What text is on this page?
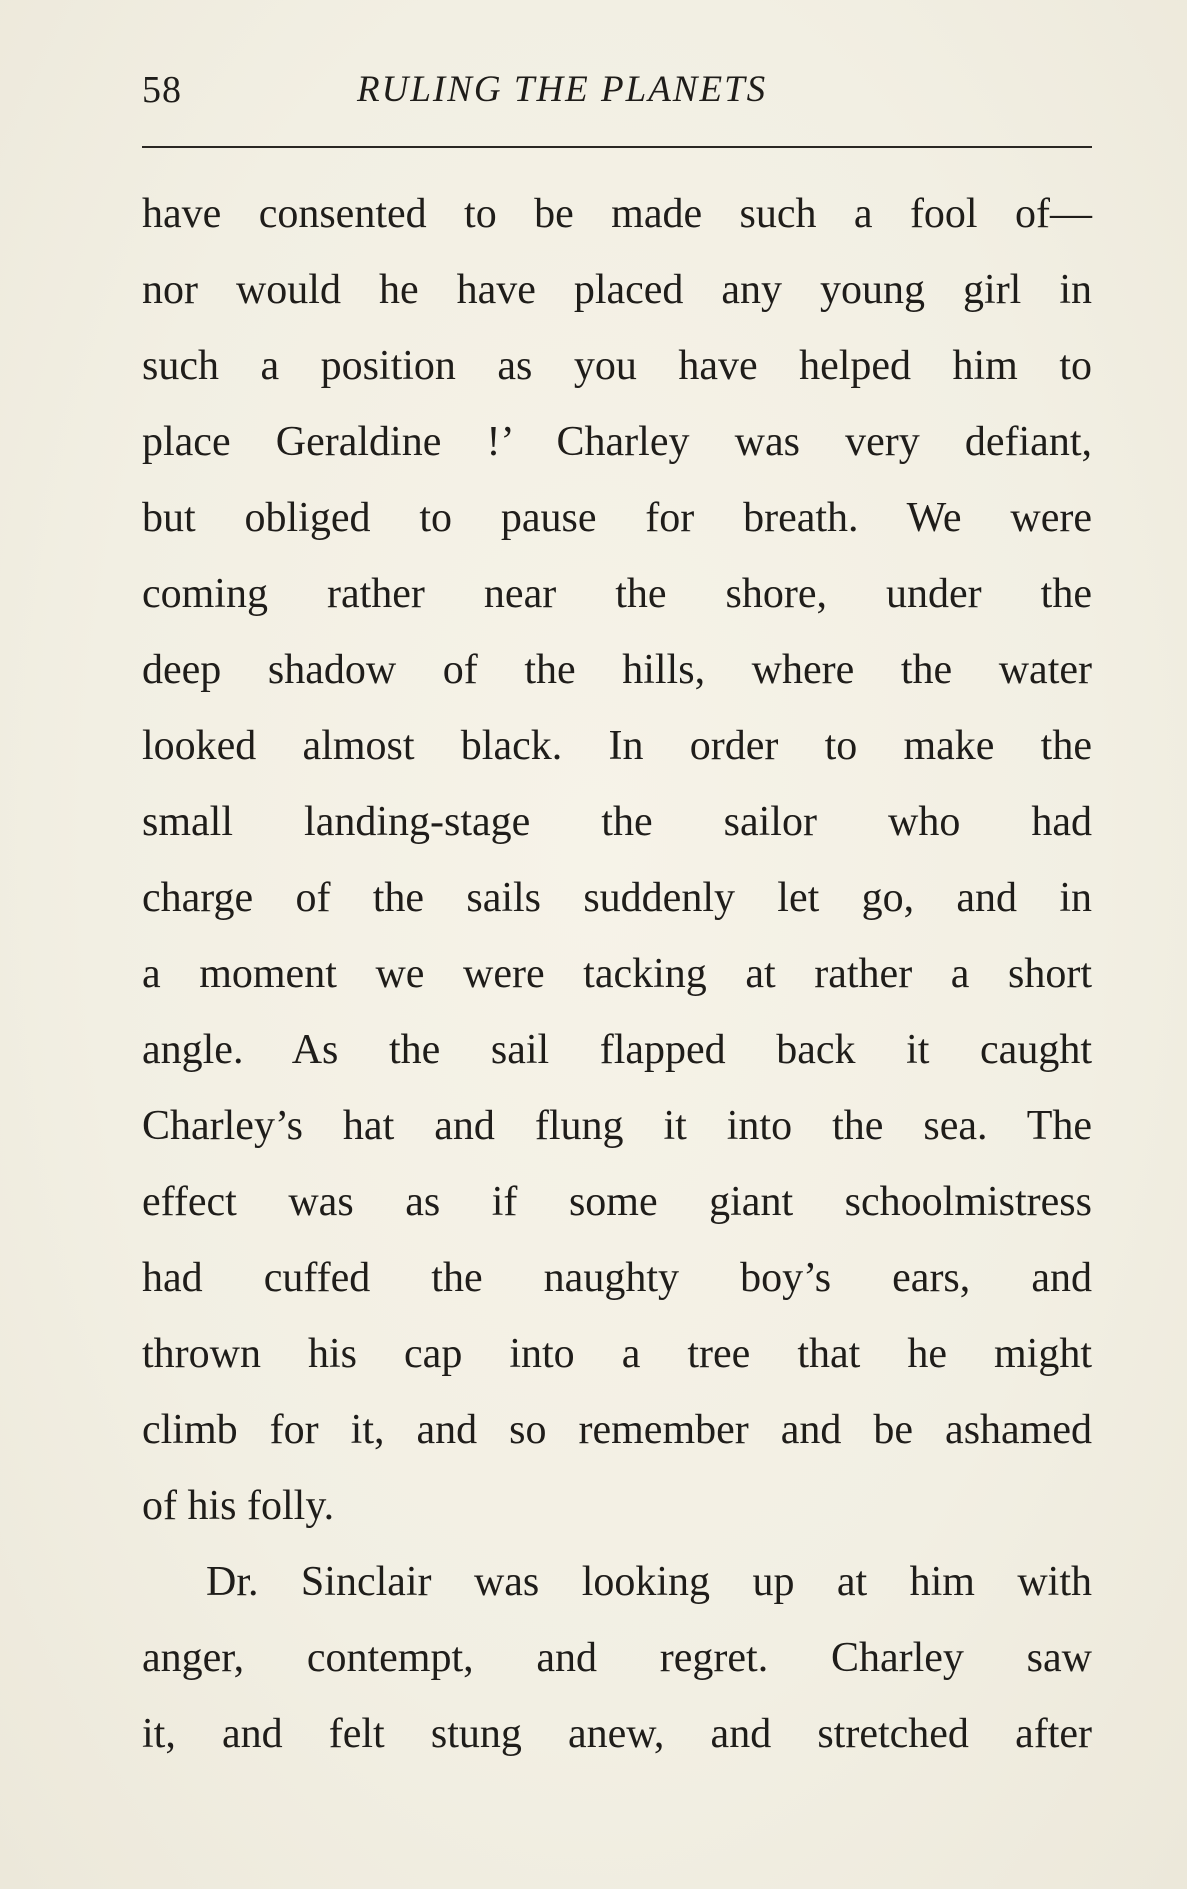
58	RULING THE PLANETS
have consented to be made such a fool of—
nor would he have placed any young girl in
such a position as you have helped him to
place Geraldine !’ Charley was very defiant,
but obliged to pause for breath. We were
coming rather near the shore, under the
deep shadow of the hills, where the water
looked almost black. In order to make the
small landing-stage the sailor who had
charge of the sails suddenly let go, and in
a moment we were tacking at rather a short
angle. As the sail flapped back it caught
Charley’s hat and flung it into the sea. The
effect was as if some giant schoolmistress
had cuffed the naughty boy’s ears, and
thrown his cap into a tree that he might
climb for it, and so remember and be ashamed
of his folly.
Dr. Sinclair was looking up at him with
anger, contempt, and regret. Charley saw
it, and felt stung anew, and stretched after
